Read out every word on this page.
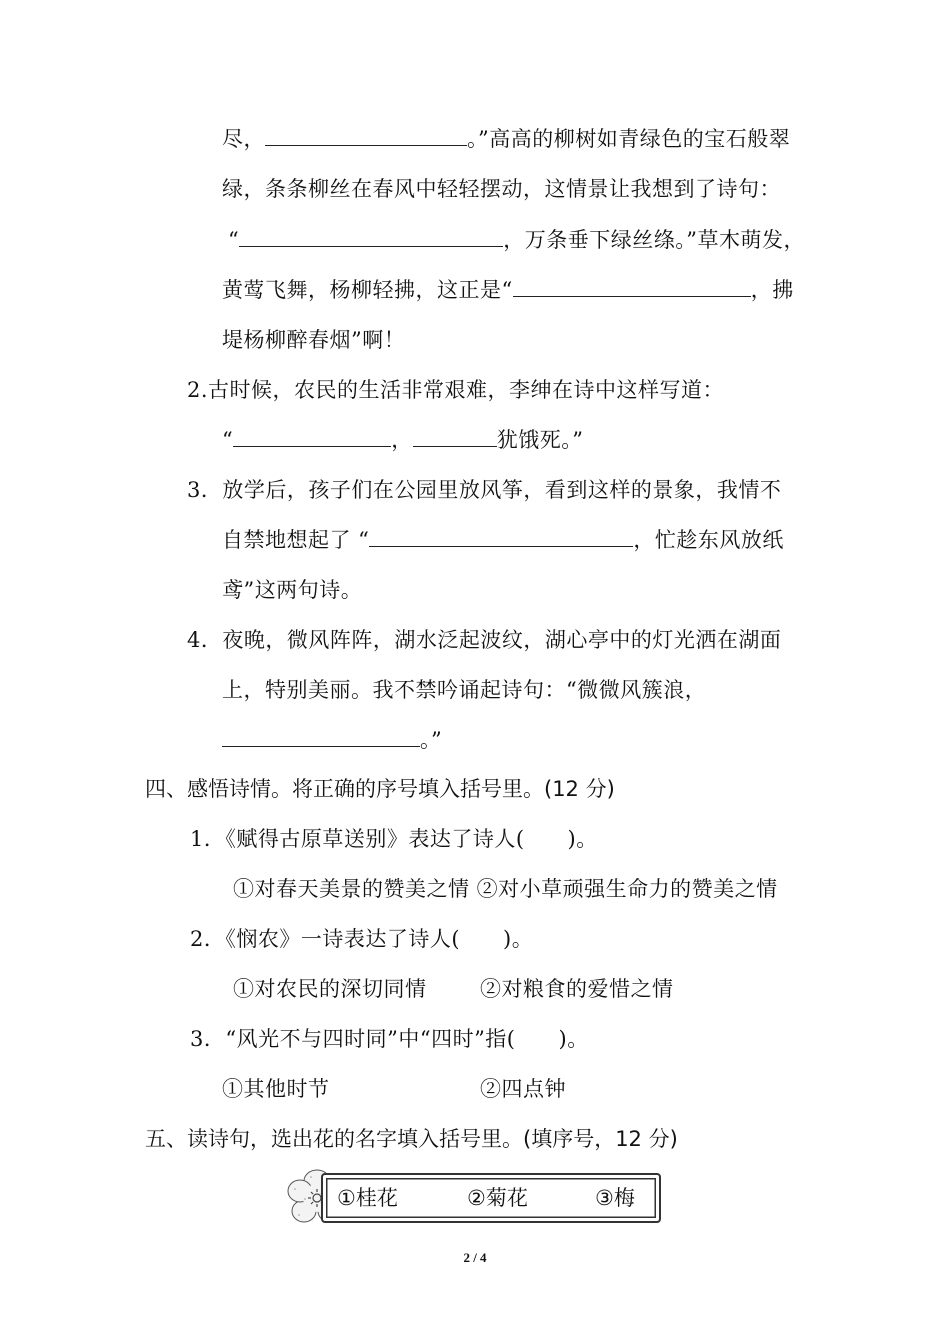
尽，	。”高高的柳树如青绿色的宝石般翠
绿，条条柳丝在春风中轻轻摆动，这情景让我想到了诗句：
“	，万条垂下绿丝绦。”草木萌发，
黄莺飞舞，杨柳轻拂，这正是“	，拂
堤杨柳醉春烟”啊！
2.古时候，农民的生活非常艰难，李绅在诗中这样写道：
“	，	犹饿死。”
3．放学后，孩子们在公园里放风筝，看到这样的景象，我情不
自禁地想起了 “	，忙趁东风放纸
鸢”这两句诗。
4．夜晚，微风阵阵，湖水泛起波纹，湖心亭中的灯光洒在湖面
上，特别美丽。我不禁吟诵起诗句：“微微风簇浪，
。”
四、感悟诗情。将正确的序号填入括号里。(12 分)
1．《赋得古原草送别》表达了诗人(　　)。
①对春天美景的赞美之情 ②对小草顽强生命力的赞美之情
2．《悯农》一诗表达了诗人(　　)。
①对农民的深切同情	②对粮食的爱惜之情
3．“风光不与四时同”中“四时”指(　　)。
①其他时节	②四点钟
五、读诗句，选出花的名字填入括号里。(填序号，12 分)
①桂花	②菊花	③梅
2 / 4
